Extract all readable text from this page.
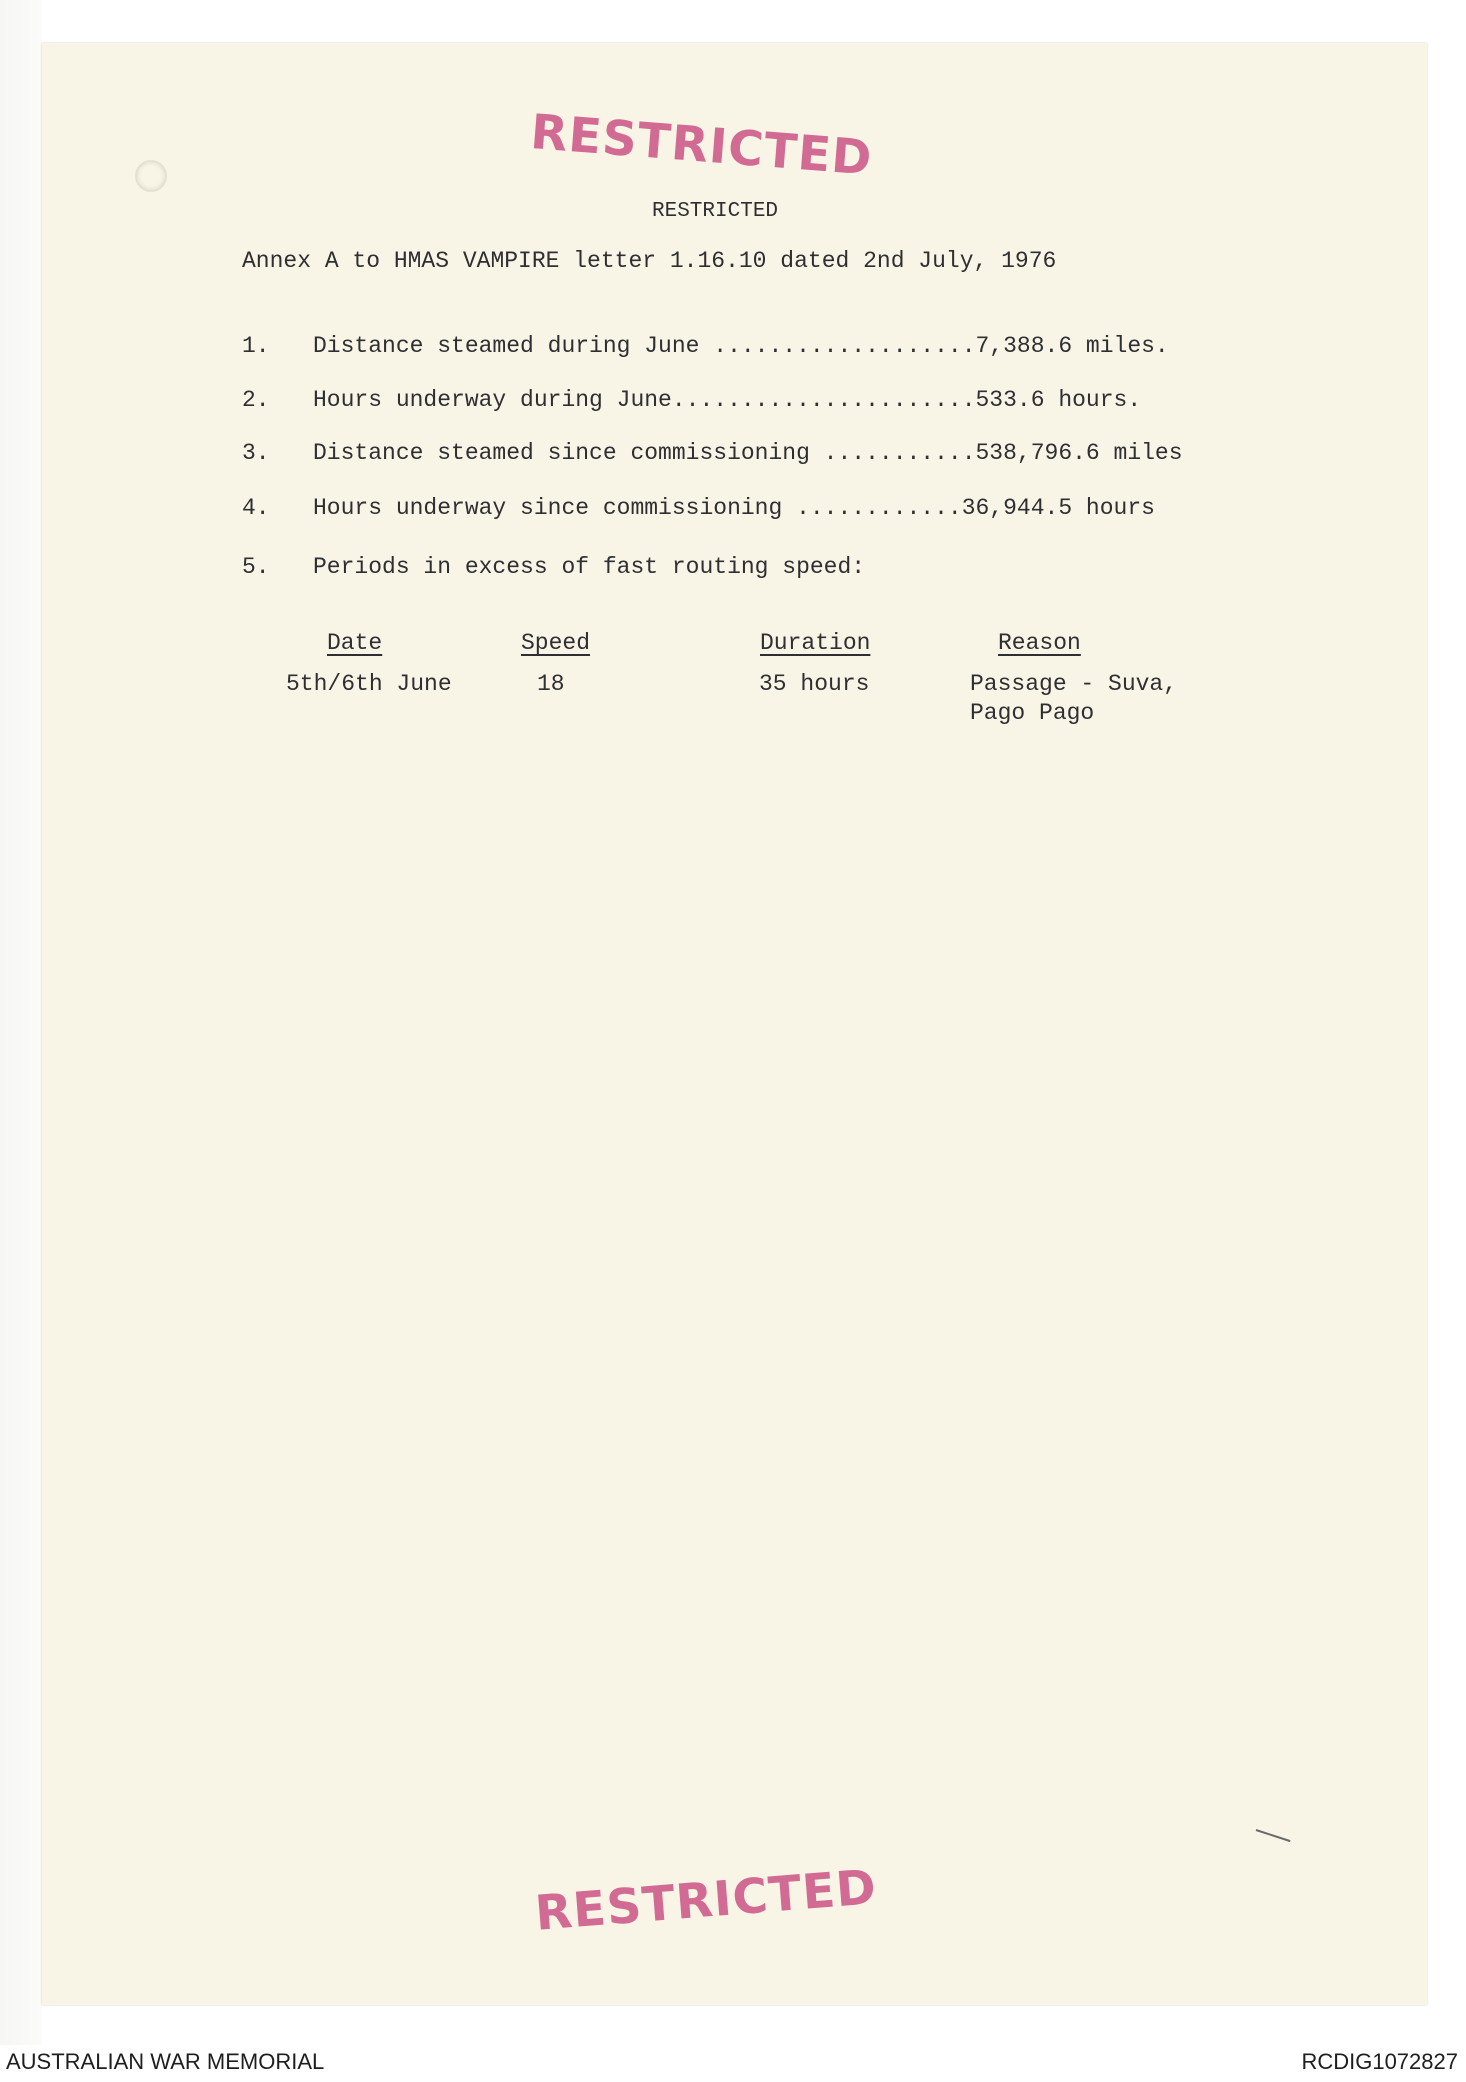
RESTRICTED
RESTRICTED
Annex A to HMAS VAMPIRE letter 1.16.10 dated 2nd July, 1976
1. Distance steamed during June ...................7,388.6 miles.
2. Hours underway during June......................533.6 hours.
3. Distance steamed since commissioning ...........538,796.6 miles
4. Hours underway since commissioning ............36,944.5 hours
5. Periods in excess of fast routing speed:
Date	Speed	Duration	Reason
5th/6th June	18	35 hours	Passage - Suva,
Pago Pago
RESTRICTED
AUSTRALIAN WAR MEMORIAL	RCDIG1072827
